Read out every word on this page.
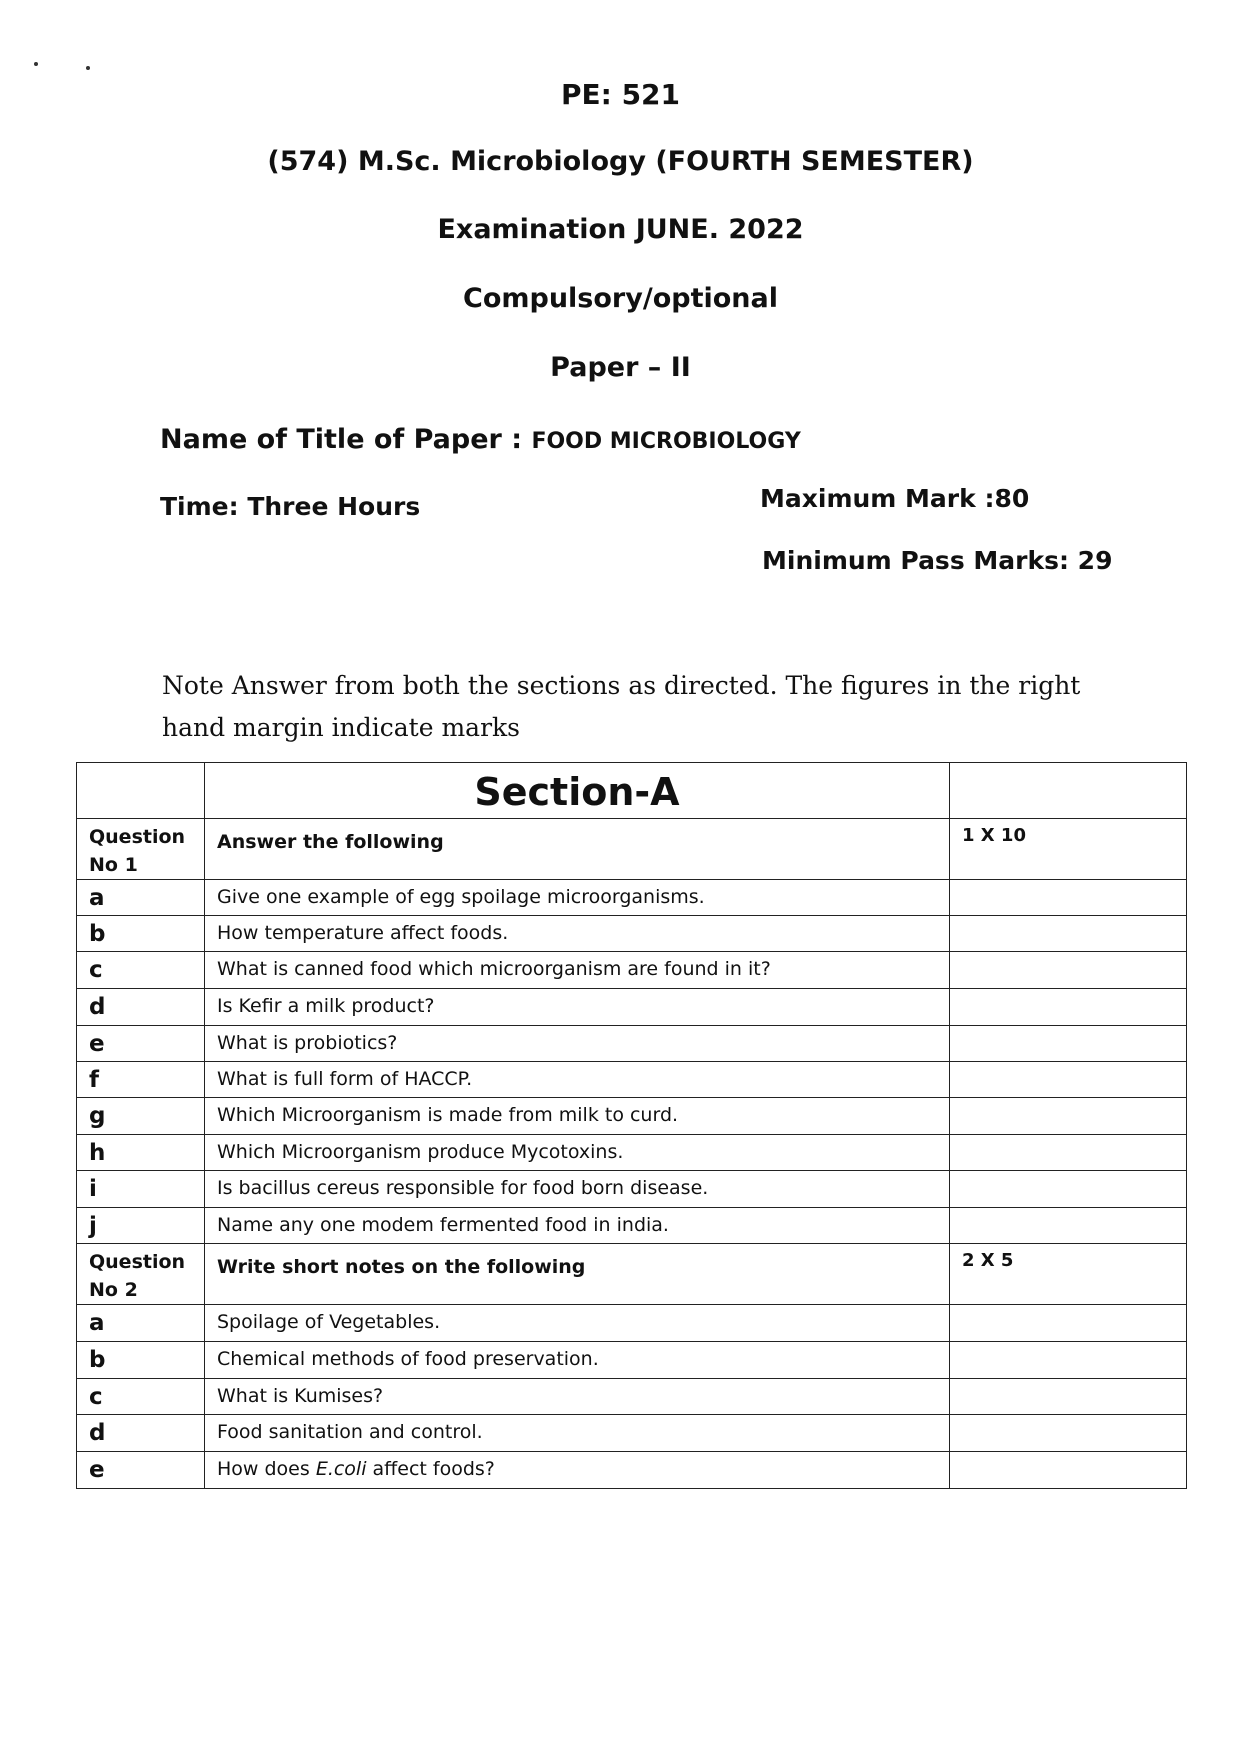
PE: 521
(574) M.Sc. Microbiology (FOURTH SEMESTER)
Examination JUNE. 2022
Compulsory/optional
Paper – II
Name of Title of Paper : FOOD MICROBIOLOGY
Time: Three Hours	Maximum Mark :80
Minimum Pass Marks: 29
Note Answer from both the sections as directed. The figures in the right hand margin indicate marks
	Section-A	
Question No 1	Answer the following	1 X 10
a	Give one example of egg spoilage microorganisms.	
b	How temperature affect foods.	
c	What is canned food which microorganism are found in it?	
d	Is Kefir a milk product?	
e	What is probiotics?	
f	What is full form of HACCP.	
g	Which Microorganism is made from milk to curd.	
h	Which Microorganism produce Mycotoxins.	
i	Is bacillus cereus responsible for food born disease.	
j	Name any one modem fermented food in india.	
Question No 2	Write short notes on the following	2 X 5
a	Spoilage of Vegetables.	
b	Chemical methods of food preservation.	
c	What is Kumises?	
d	Food sanitation and control.	
e	How does E.coli affect foods?	
